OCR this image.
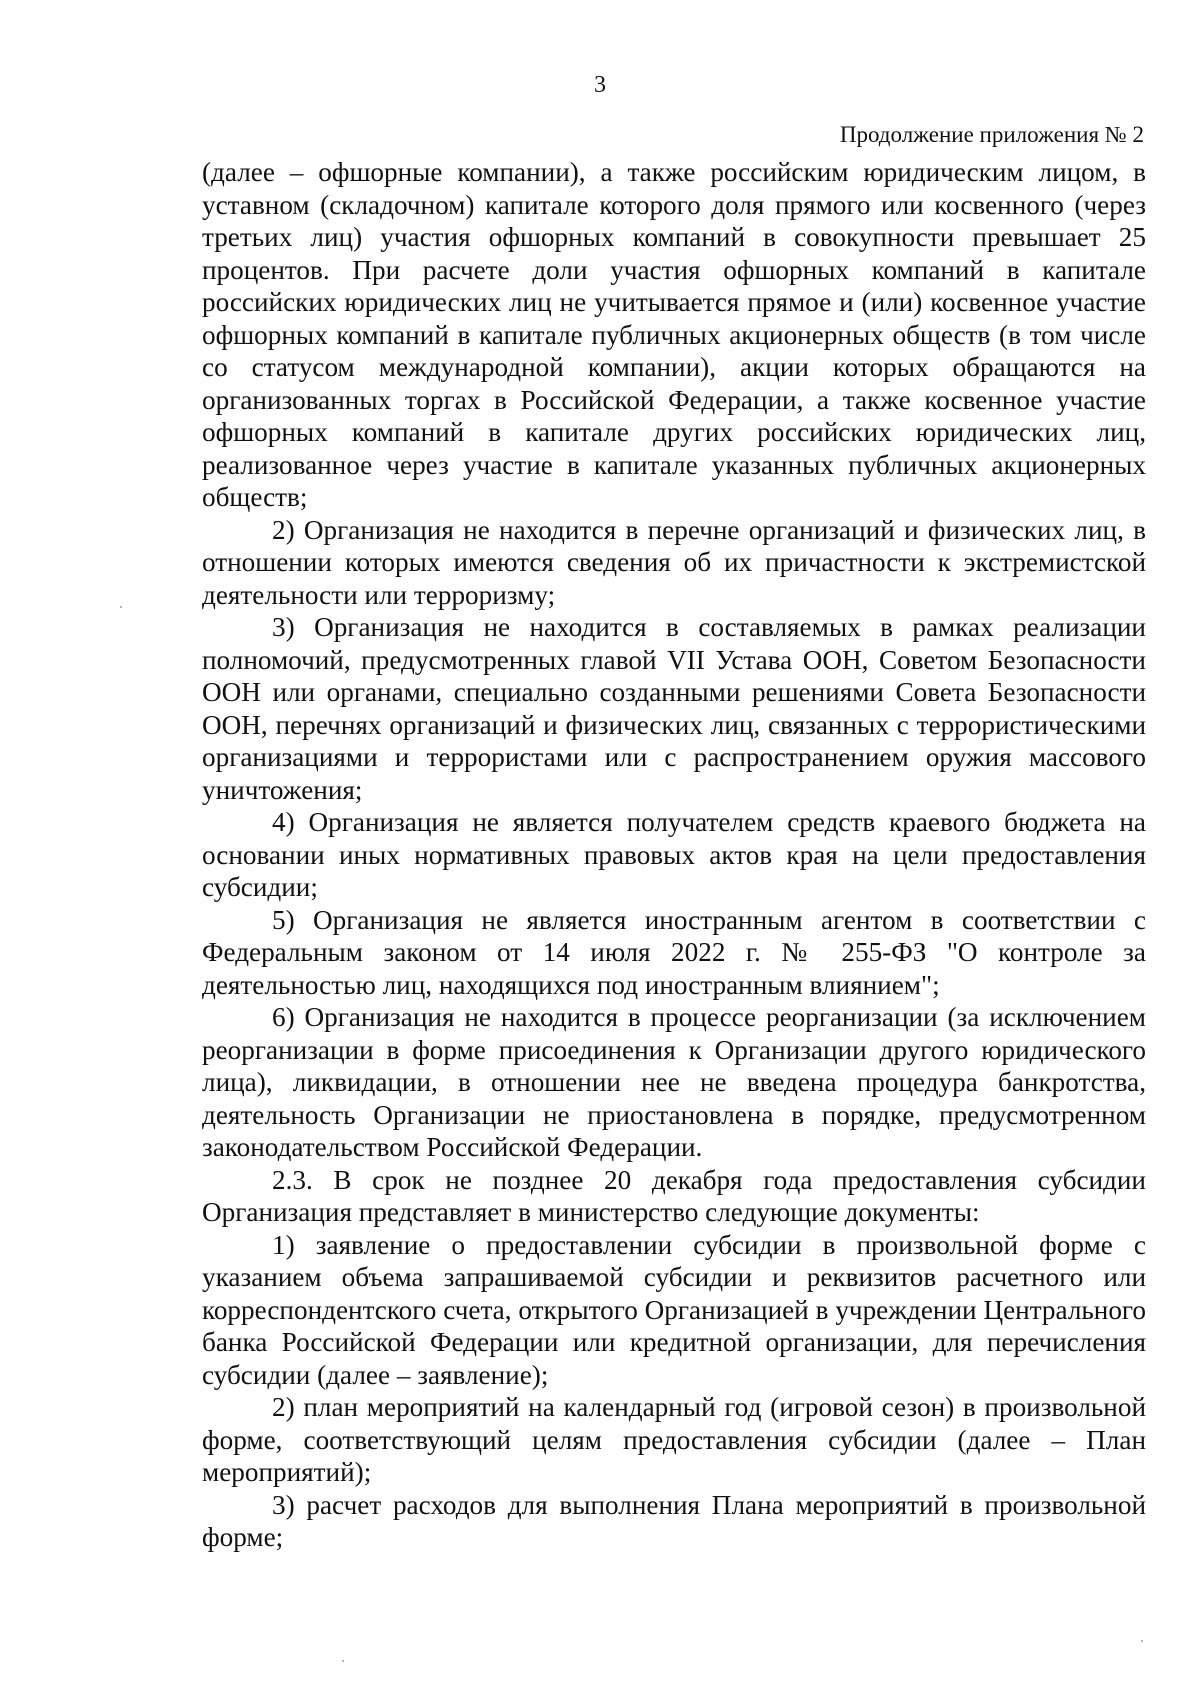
3
Продолжение приложения № 2

(далее – офшорные компании), а также российским юридическим лицом, в уставном (складочном) капитале которого доля прямого или косвенного (через третьих лиц) участия офшорных компаний в совокупности превышает 25 процентов. При расчете доли участия офшорных компаний в капитале российских юридических лиц не учитывается прямое и (или) косвенное участие офшорных компаний в капитале публичных акционерных обществ (в том числе со статусом международной компании), акции которых обращаются на организованных торгах в Российской Федерации, а также косвенное участие офшорных компаний в капитале других российских юридических лиц, реализованное через участие в капитале указанных публичных акционерных обществ;

2) Организация не находится в перечне организаций и физических лиц, в отношении которых имеются сведения об их причастности к экстремистской деятельности или терроризму;

3) Организация не находится в составляемых в рамках реализации полномочий, предусмотренных главой VII Устава ООН, Советом Безопасности ООН или органами, специально созданными решениями Совета Безопасности ООН, перечнях организаций и физических лиц, связанных с террористическими организациями и террористами или с распространением оружия массового уничтожения;

4) Организация не является получателем средств краевого бюджета на основании иных нормативных правовых актов края на цели предоставления субсидии;

5) Организация не является иностранным агентом в соответствии с Федеральным законом от 14 июля 2022 г. № 255-ФЗ "О контроле за деятельностью лиц, находящихся под иностранным влиянием";

6) Организация не находится в процессе реорганизации (за исключением реорганизации в форме присоединения к Организации другого юридического лица), ликвидации, в отношении нее не введена процедура банкротства, деятельность Организации не приостановлена в порядке, предусмотренном законодательством Российской Федерации.

2.3. В срок не позднее 20 декабря года предоставления субсидии Организация представляет в министерство следующие документы:

1) заявление о предоставлении субсидии в произвольной форме с указанием объема запрашиваемой субсидии и реквизитов расчетного или корреспондентского счета, открытого Организацией в учреждении Центрального банка Российской Федерации или кредитной организации, для перечисления субсидии (далее – заявление);

2) план мероприятий на календарный год (игровой сезон) в произвольной форме, соответствующий целям предоставления субсидии (далее – План мероприятий);

3) расчет расходов для выполнения Плана мероприятий в произвольной форме;
